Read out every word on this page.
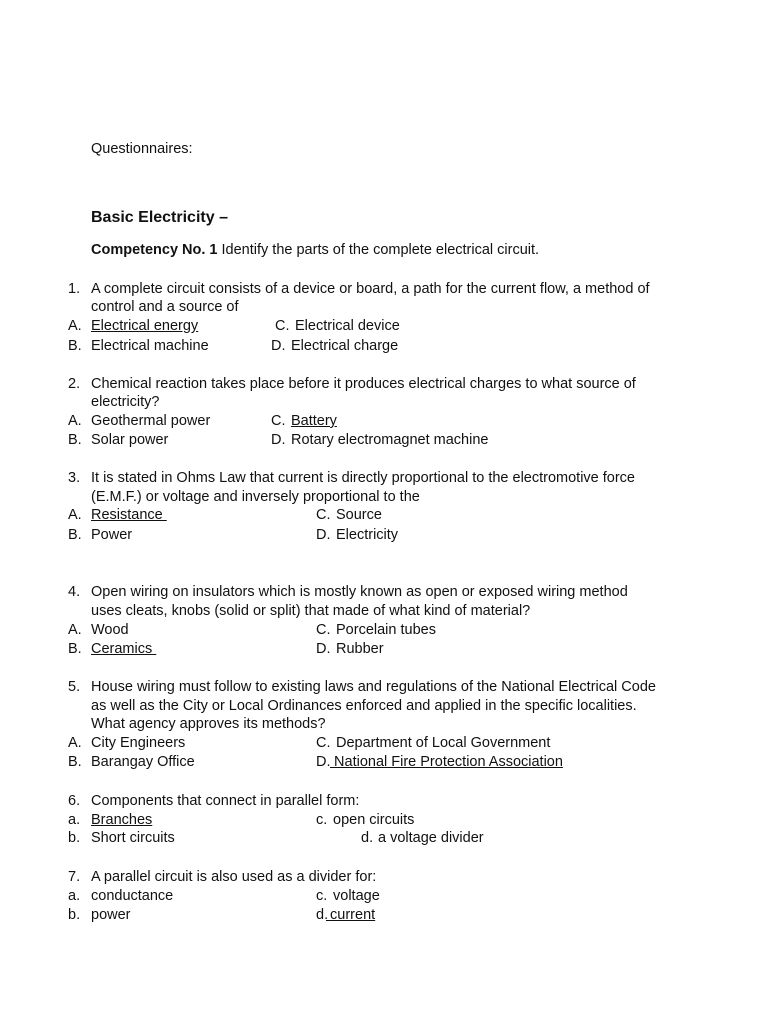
Questionnaires:
Basic Electricity –
Competency No. 1 Identify the parts of the complete electrical circuit.
1. A complete circuit consists of a device or board, a path for the current flow, a method of
control and a source of
A. Electrical energy
B. Electrical machine
C. Electrical device
D. Electrical charge
2. Chemical reaction takes place before it produces electrical charges to what source of
electricity?
A. Geothermal power
B. Solar power
C. Battery
D. Rotary electromagnet machine
3. It is stated in Ohms Law that current is directly proportional to the electromotive force
(E.M.F.) or voltage and inversely proportional to the
A. Resistance
B. Power
C. Source
D. Electricity
4. Open wiring on insulators which is mostly known as open or exposed wiring method
uses cleats, knobs (solid or split) that made of what kind of material?
A. Wood
B. Ceramics
C. Porcelain tubes
D. Rubber
5. House wiring must follow to existing laws and regulations of the National Electrical Code
as well as the City or Local Ordinances enforced and applied in the specific localities.
What agency approves its methods?
A. City Engineers
B. Barangay Office
C. Department of Local Government
D. National Fire Protection Association
6. Components that connect in parallel form:
a. Branches
b. Short circuits
c. open circuits
d. a voltage divider
7. A parallel circuit is also used as a divider for:
a. conductance
b. power
c. voltage
d.
current
